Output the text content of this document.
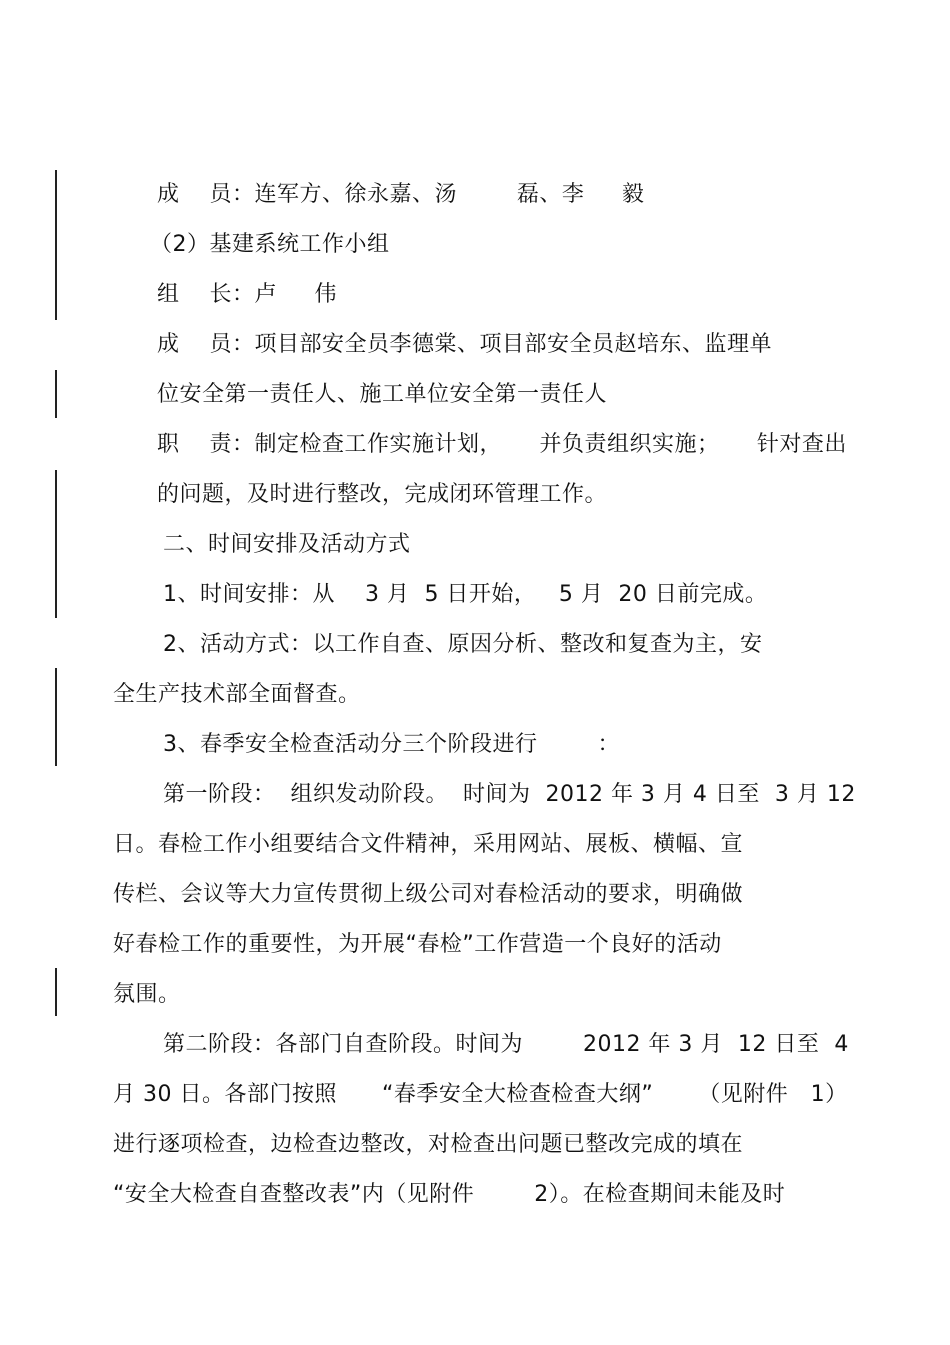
成    员：连军方、徐永嘉、汤        磊、李     毅
（2）基建系统工作小组
组    长：卢     伟
成    员：项目部安全员李德棠、项目部安全员赵培东、监理单
位安全第一责任人、施工单位安全第一责任人
职    责：制定检查工作实施计划，     并负责组织实施；     针对查出
的问题，及时进行整改，完成闭环管理工作。
二、时间安排及活动方式
1、时间安排：从    3 月  5 日开始，   5 月  20 日前完成。
2、活动方式：以工作自查、原因分析、整改和复查为主，安
全生产技术部全面督查。
3、春季安全检查活动分三个阶段进行        ：
第一阶段：  组织发动阶段。  时间为  2012 年 3 月 4 日至  3 月 12
日。春检工作小组要结合文件精神，采用网站、展板、横幅、宣
传栏、会议等大力宣传贯彻上级公司对春检活动的要求，明确做
好春检工作的重要性，为开展“春检”工作营造一个良好的活动
氛围。
第二阶段：各部门自查阶段。时间为        2012 年 3 月  12 日至  4
月 30 日。各部门按照      “春季安全大检查检查大纲”      （见附件   1）
进行逐项检查，边检查边整改，对检查出问题已整改完成的填在
“安全大检查自查整改表”内（见附件        2）。在检查期间未能及时
